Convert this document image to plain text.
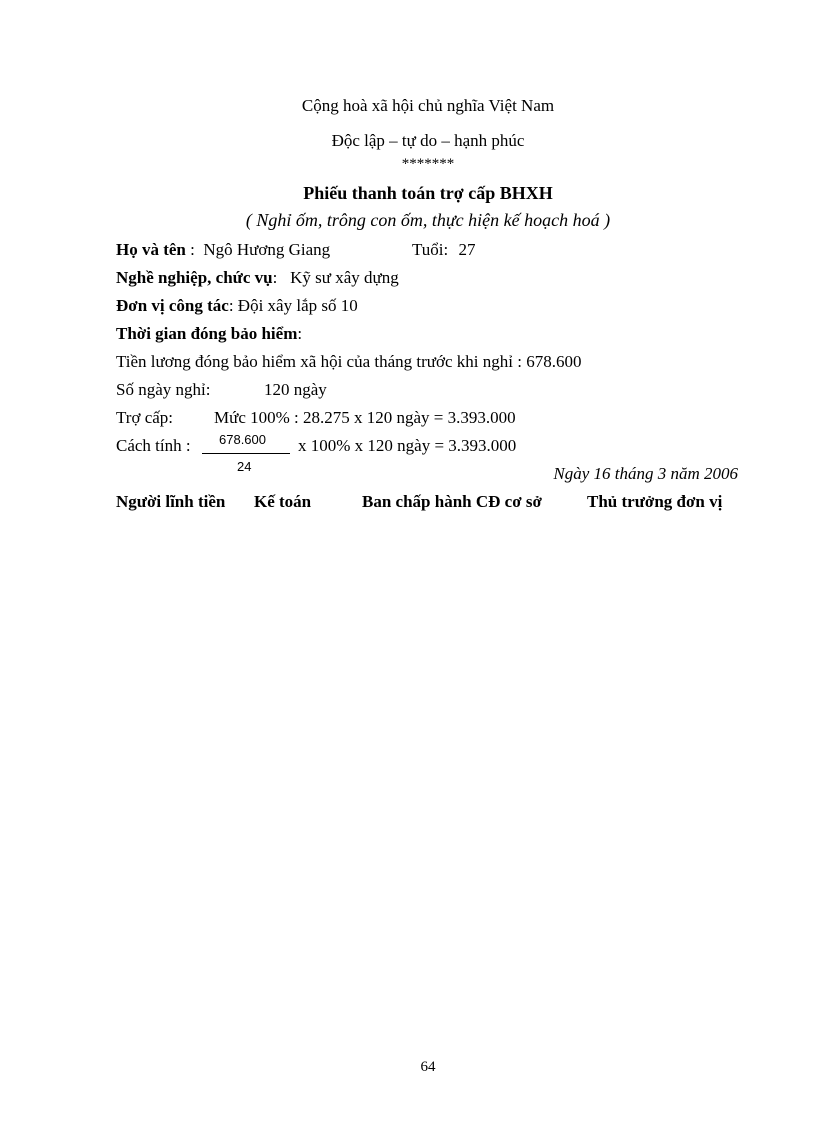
Cộng hoà xã hội chủ nghĩa Việt Nam
Độc lập – tự do – hạnh phúc
*******
Phiếu thanh toán trợ cấp BHXH
( Nghỉ ốm, trông con ốm, thực hiện kế hoạch hoá )
Họ và tên :  Ngô Hương Giang	Tuổi: 27
Nghề nghiệp, chức vụ:   Kỹ sư xây dựng
Đơn vị công tác: Đội xây lắp số 10
Thời gian đóng bảo hiểm:
Tiền lương đóng bảo hiểm xã hội của tháng trước khi nghỉ : 678.600
Số ngày nghỉ:	120 ngày
Trợ cấp: Mức 100% : 28.275 x 120 ngày = 3.393.000
Cách tính : 678.600
24
x 100% x 120 ngày = 3.393.000
Ngày 16 tháng 3 năm 2006
Người lĩnh tiền Kế toán	Ban chấp hành CĐ cơ sở	Thủ trưởng đơn vị
64
